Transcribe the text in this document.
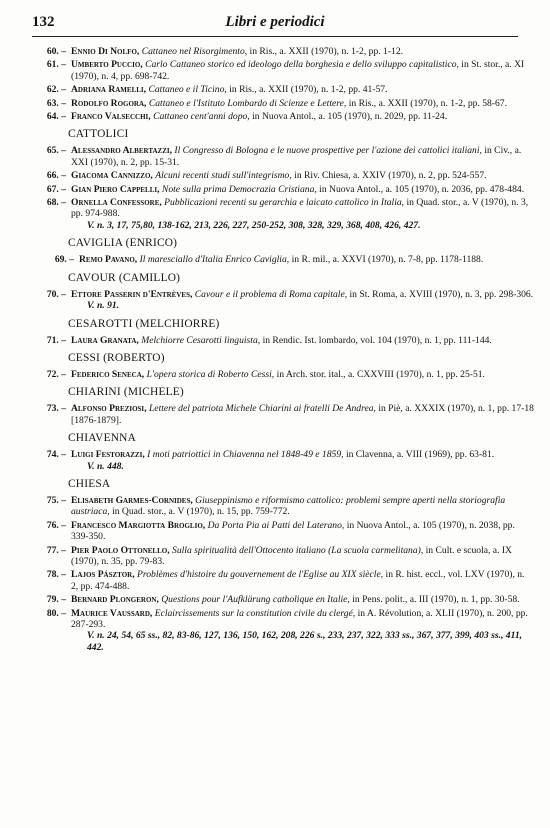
132	Libri e periodici
60. – Ennio Di Nolfo, Cattaneo nel Risorgimento, in Ris., a. XXII (1970), n. 1-2, pp. 1-12.
61. – Umberto Puccio, Carlo Cattaneo storico ed ideologo della borghesia e dello sviluppo capitalistico, in St. stor., a. XI (1970), n. 4, pp. 698-742.
62. – Adriana Ramelli, Cattaneo e il Ticino, in Ris., a. XXII (1970), n. 1-2, pp. 41-57.
63. – Rodolfo Rogora, Cattaneo e l'Istituto Lombardo di Scienze e Lettere, in Ris., a. XXII (1970), n. 1-2, pp. 58-67.
64. – Franco Valsecchi, Cattaneo cent'anni dopo, in Nuova Antol., a. 105 (1970), n. 2029, pp. 11-24.
CATTOLICI
65. – Alessandro Albertazzi, Il Congresso di Bologna e le nuove prospettive per l'azione dei cattolici italiani, in Civ., a. XXI (1970), n. 2, pp. 15-31.
66. – Giacoma Cannizzo, Alcuni recenti studi sull'integrismo, in Riv. Chiesa, a. XXIV (1970), n. 2, pp. 524-557.
67. – Gian Piero Cappelli, Note sulla prima Democrazia Cristiana, in Nuova Antol., a. 105 (1970), n. 2036, pp. 478-484.
68. – Ornella Confessore, Pubblicazioni recenti su gerarchia e laicato cattolico in Italia, in Quad. stor., a. V (1970), n. 3, pp. 974-988.
V. n. 3, 17, 75,80, 138-162, 213, 226, 227, 250-252, 308, 328, 329, 368, 408, 426, 427.
CAVIGLIA (ENRICO)
69. – Remo Pavano, Il maresciallo d'Italia Enrico Caviglia, in R. mil., a. XXVI (1970), n. 7-8, pp. 1178-1188.
CAVOUR (CAMILLO)
70. – Ettore Passerin d'Entrèves, Cavour e il problema di Roma capitale, in St. Roma, a. XVIII (1970), n. 3, pp. 298-306.
V. n. 91.
CESAROTTI (MELCHIORRE)
71. – Laura Granata, Melchiorre Cesarotti linguista, in Rendic. Ist. lombardo, vol. 104 (1970), n. 1, pp. 111-144.
CESSI (ROBERTO)
72. – Federico Seneca, L'opera storica di Roberto Cessi, in Arch. stor. ital., a. CXXVIII (1970), n. 1, pp. 25-51.
CHIARINI (MICHELE)
73. – Alfonso Preziosi, Lettere del patriota Michele Chiarini ai fratelli De Andrea, in Piè, a. XXXIX (1970), n. 1, pp. 17-18 [1876-1879].
CHIAVENNA
74. – Luigi Festorazzi, I moti patriottici in Chiavenna nel 1848-49 e 1859, in Clavenna, a. VIII (1969), pp. 63-81.
V. n. 448.
CHIESA
75. – Elisabeth Garmes-Cornides, Giuseppinismo e riformismo cattolico: problemi sempre aperti nella storiografia austriaca, in Quad. stor., a. V (1970), n. 15, pp. 759-772.
76. – Francesco Margiotta Broglio, Da Porta Pia ai Patti del Laterano, in Nuova Antol., a. 105 (1970), n. 2038, pp. 339-350.
77. – Pier Paolo Ottonello, Sulla spiritualità dell'Ottocento italiano (La scuola carmelitana), in Cult. e scuola, a. IX (1970), n. 35, pp. 79-83.
78. – Lajos Pásztor, Problèmes d'histoire du gouvernement de l'Eglise au XIX siècle, in R. hist. eccl., vol. LXV (1970), n. 2, pp. 474-488.
79. – Bernard Plongeron, Questions pour l'Aufklärung catholique en Italie, in Pens. polit., a. III (1970), n. 1, pp. 30-58.
80. – Maurice Vaussard, Eclaircissements sur la constitution civile du clergé, in A. Révolution, a. XLII (1970), n. 200, pp. 287-293.
V. n. 24, 54, 65 ss., 82, 83-86, 127, 136, 150, 162, 208, 226 s., 233, 237, 322, 333 ss., 367, 377, 399, 403 ss., 411, 442.
